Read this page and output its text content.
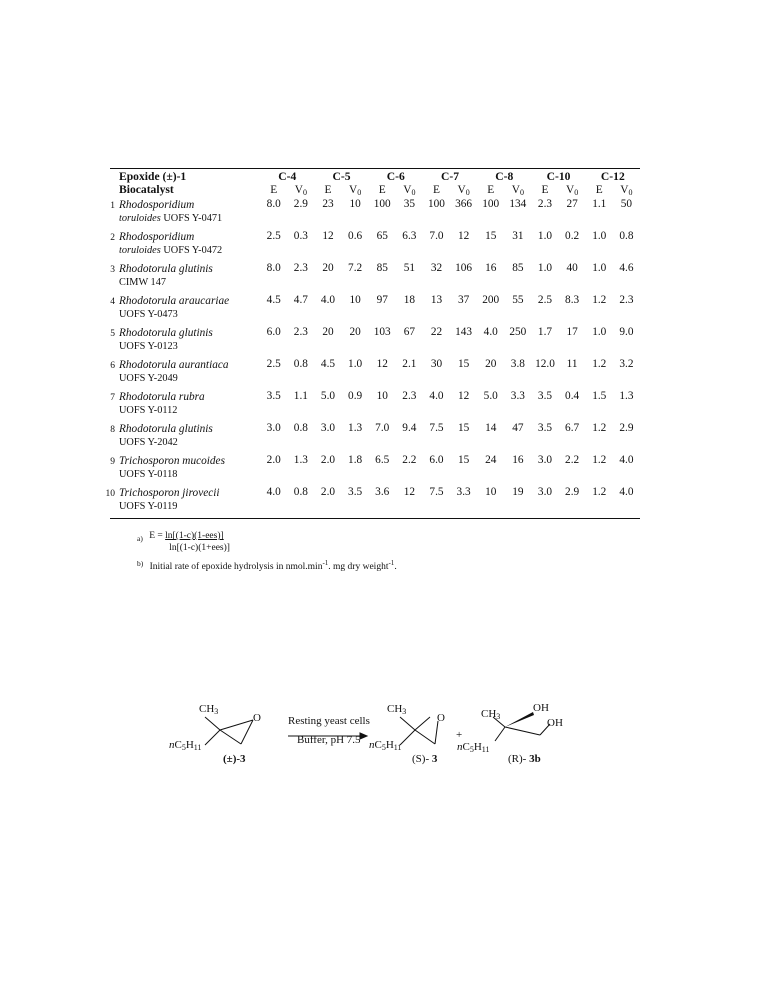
Epoxide (±)-1	C-4		C-5		C-6		C-7		C-8		C-10		C-12	
Biocatalyst	E	$V_0$	E	$V_0$	E	$V_0$	E	$V_0$	E	$V_0$	E	$V_0$	E	$V_0$

1 Rhodosporidium
toruloides UOFS Y-0471	8.0	2.9	23	10	100	35	100	366	100	134	2.3	27	1.1	50

2 Rhodosporidium
toruloides UOFS Y-0472	2.5	0.3	12	0.6	65	6.3	7.0	12	15	31	1.0	0.2	1.0	0.8

3 Rhodotorula glutinis
CIMW 147	8.0	2.3	20	7.2	85	51	32	106	16	85	1.0	40	1.0	4.6

4 Rhodotorula araucariae
UOFS Y-0473	4.5	4.7	4.0	10	97	18	13	37	200	55	2.5	8.3	1.2	2.3

5 Rhodotorula glutinis
UOFS Y-0123	6.0	2.3	20	20	103	67	22	143	4.0	250	1.7	17	1.0	9.0

6 Rhodotorula aurantiaca
UOFS Y-2049	2.5	0.8	4.5	1.0	12	2.1	30	15	20	3.8	12.0	11	1.2	3.2

7 Rhodotorula rubra
UOFS Y-0112	3.5	1.1	5.0	0.9	10	2.3	4.0	12	5.0	3.3	3.5	0.4	1.5	1.3

8 Rhodotorula glutinis
UOFS Y-2042	3.0	0.8	3.0	1.3	7.0	9.4	7.5	15	14	47	3.5	6.7	1.2	2.9

9 Trichosporon mucoides
UOFS Y-0118	2.0	1.3	2.0	1.8	6.5	2.2	6.0	15	24	16	3.0	2.2	1.2	4.0

10 Trichosporon jirovecii
UOFS Y-0119	4.0	0.8	2.0	3.5	3.6	12	7.5	3.3	10	19	3.0	2.9	1.2	4.0
$^{a)}$ E = ln[(1-c)(1-ees)]
ln[(1-c)(1+ees)]
$^{b)}$ Initial rate of epoxide hydrolysis in $nmol.\min^{-1}$. mg dry weight$^{-1}$.
$CH_3$
O
$nC_5H_{11}$
(±)-3
Resting yeast cells
Buffer, pH 7.5
$CH_3$
O
$nC_5H_{11}$
(S)- 3
+
$CH_3$
OH
OH
$nC_5H_{11}$
(R)- 3b
